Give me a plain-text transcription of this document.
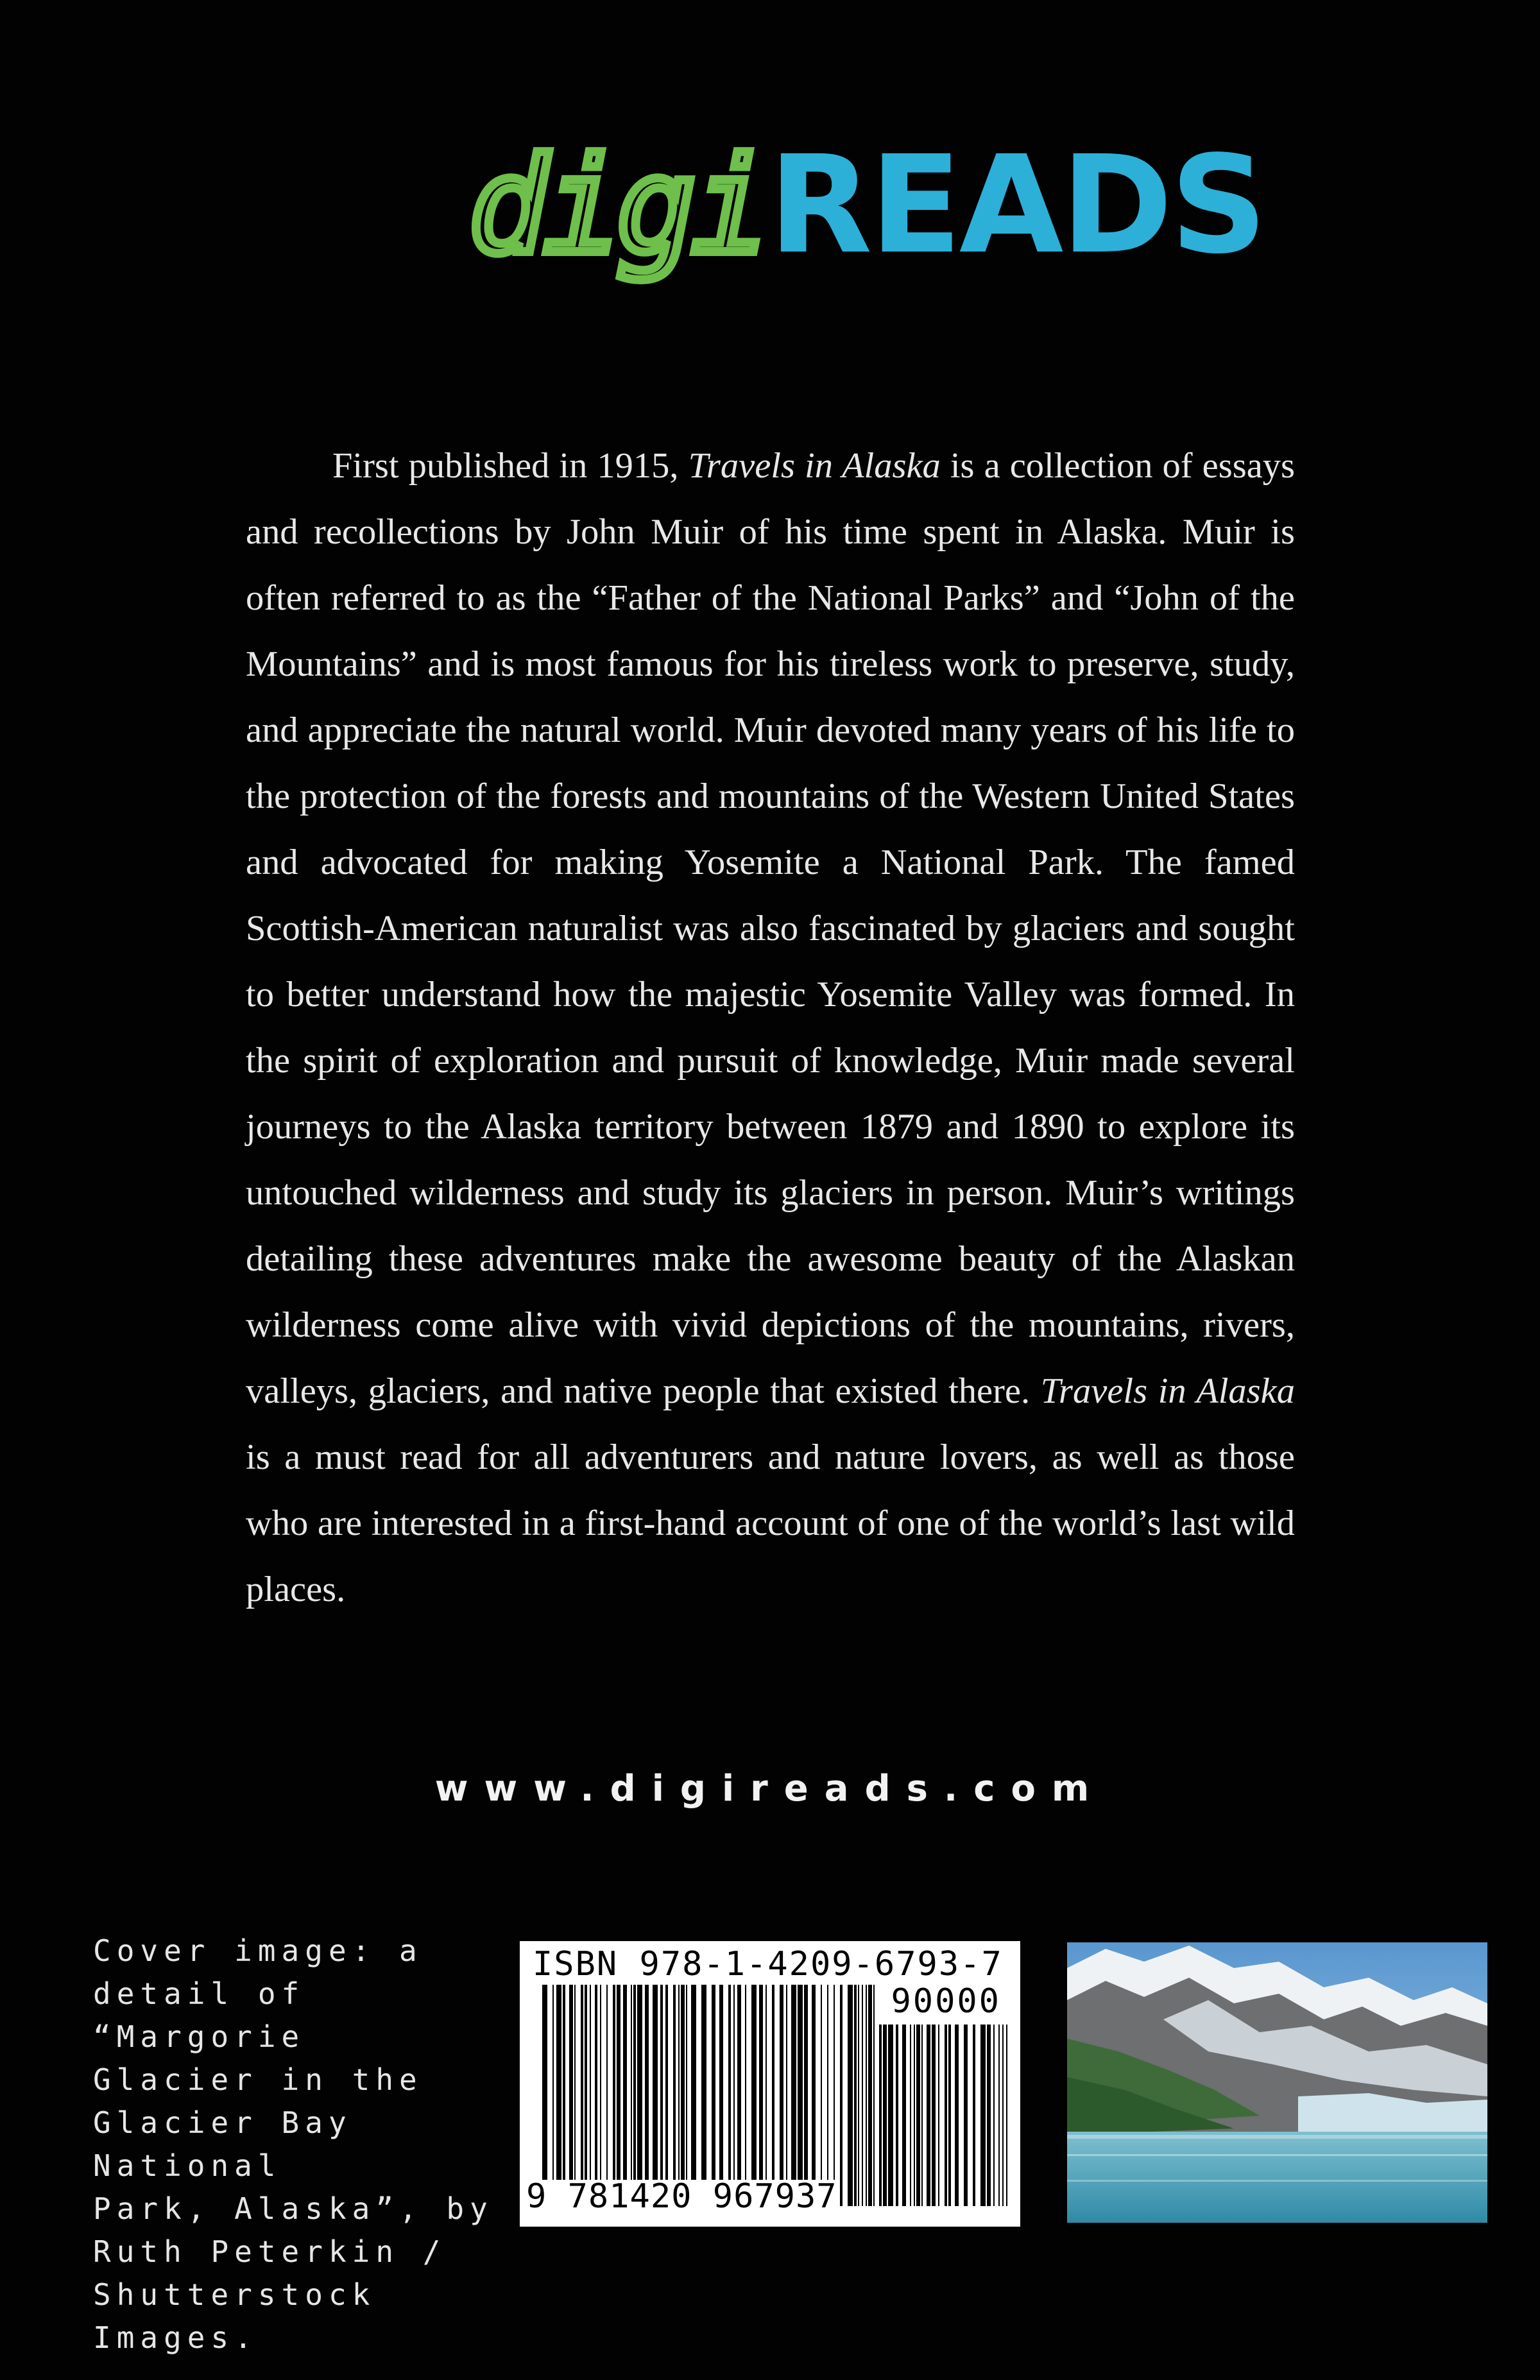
digiREADS

First published in 1915, Travels in Alaska is a collection of essays and recollections by John Muir of his time spent in Alaska. Muir is often referred to as the “Father of the National Parks” and “John of the Mountains” and is most famous for his tireless work to preserve, study, and appreciate the natural world. Muir devoted many years of his life to the protection of the forests and mountains of the Western United States and advocated for making Yosemite a National Park. The famed Scottish-American naturalist was also fascinated by glaciers and sought to better understand how the majestic Yosemite Valley was formed. In the spirit of exploration and pursuit of knowledge, Muir made several journeys to the Alaska territory between 1879 and 1890 to explore its untouched wilderness and study its glaciers in person. Muir’s writings detailing these adventures make the awesome beauty of the Alaskan wilderness come alive with vivid depictions of the mountains, rivers, valleys, glaciers, and native people that existed there. Travels in Alaska is a must read for all adventurers and nature lovers, as well as those who are interested in a first-hand account of one of the world’s last wild places.

www.digireads.com

Cover image: a
detail of “Margorie
Glacier in the
Glacier Bay National
Park, Alaska”, by
Ruth Peterkin /
Shutterstock Images.

ISBN 978-1-4209-6793-7
90000
9 781420 967937
